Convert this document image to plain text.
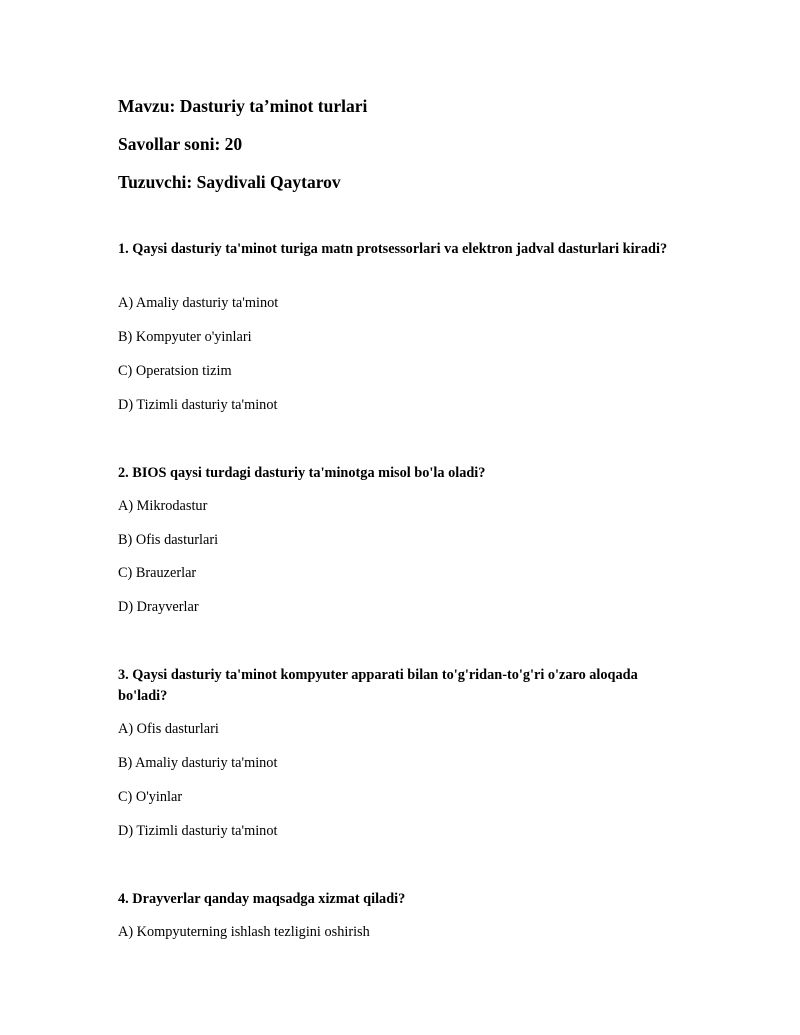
Mavzu: Dasturiy ta’minot turlari
Savollar soni: 20
Tuzuvchi: Saydivali Qaytarov
1. Qaysi dasturiy ta'minot turiga matn protsessorlari va elektron jadval dasturlari kiradi?
A) Amaliy dasturiy ta'minot
B) Kompyuter o'yinlari
C) Operatsion tizim
D) Tizimli dasturiy ta'minot
2. BIOS qaysi turdagi dasturiy ta'minotga misol bo'la oladi?
A) Mikrodastur
B) Ofis dasturlari
C) Brauzerlar
D) Drayverlar
3. Qaysi dasturiy ta'minot kompyuter apparati bilan to'g'ridan-to'g'ri o'zaro aloqada bo'ladi?
A) Ofis dasturlari
B) Amaliy dasturiy ta'minot
C) O'yinlar
D) Tizimli dasturiy ta'minot
4. Drayverlar qanday maqsadga xizmat qiladi?
A) Kompyuterning ishlash tezligini oshirish
